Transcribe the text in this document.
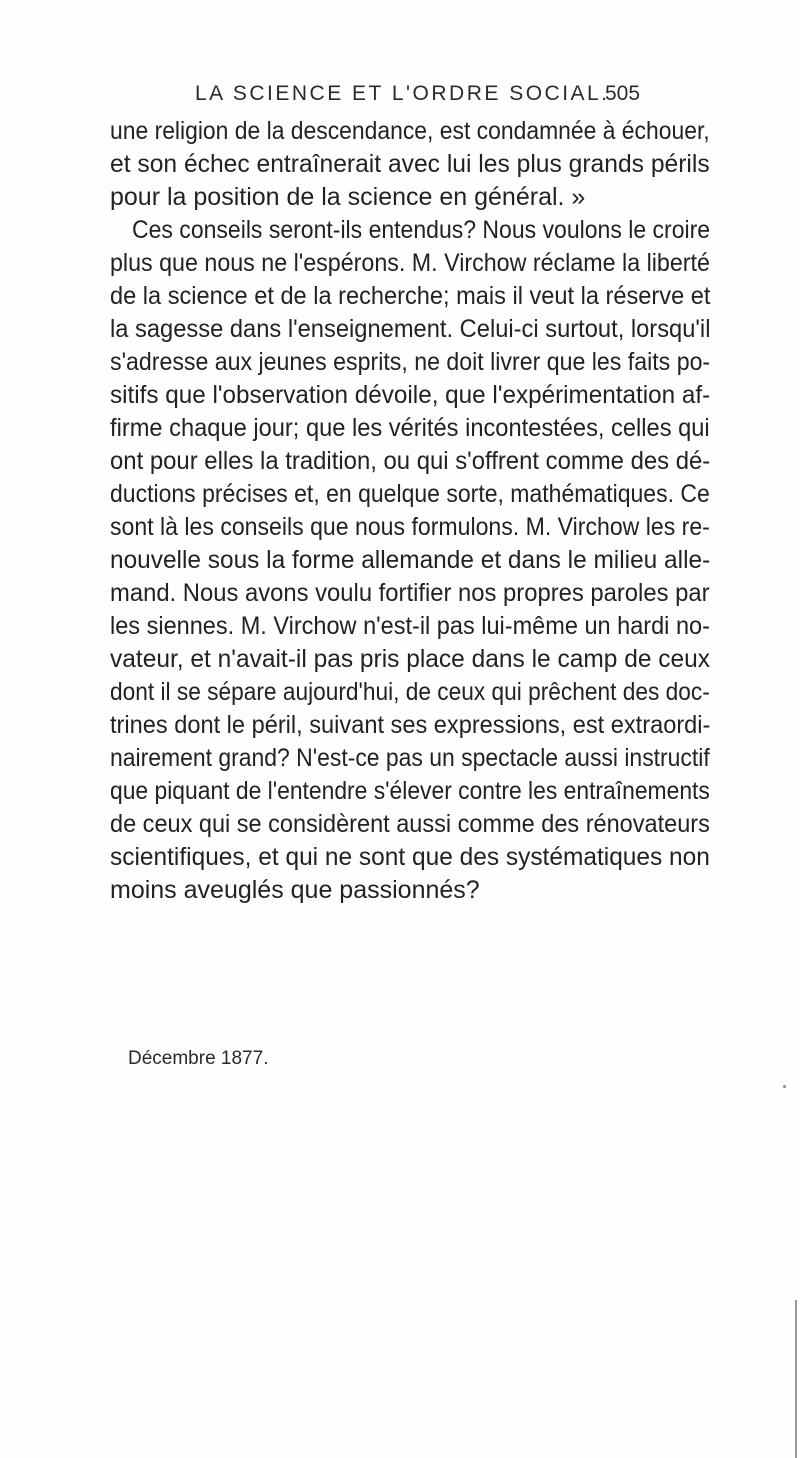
LA SCIENCE ET L'ORDRE SOCIAL.
505
une religion de la descendance, est condamnée à échouer,
et son échec entraînerait avec lui les plus grands périls
pour la position de la science en général. »
Ces conseils seront-ils entendus? Nous voulons le croire
plus que nous ne l'espérons. M. Virchow réclame la liberté
de la science et de la recherche; mais il veut la réserve et
la sagesse dans l'enseignement. Celui-ci surtout, lorsqu'il
s'adresse aux jeunes esprits, ne doit livrer que les faits po-
sitifs que l'observation dévoile, que l'expérimentation af-
firme chaque jour; que les vérités incontestées, celles qui
ont pour elles la tradition, ou qui s'offrent comme des dé-
ductions précises et, en quelque sorte, mathématiques. Ce
sont là les conseils que nous formulons. M. Virchow les re-
nouvelle sous la forme allemande et dans le milieu alle-
mand. Nous avons voulu fortifier nos propres paroles par
les siennes. M. Virchow n'est-il pas lui-même un hardi no-
vateur, et n'avait-il pas pris place dans le camp de ceux
dont il se sépare aujourd'hui, de ceux qui prêchent des doc-
trines dont le péril, suivant ses expressions, est extraordi-
nairement grand? N'est-ce pas un spectacle aussi instructif
que piquant de l'entendre s'élever contre les entraînements
de ceux qui se considèrent aussi comme des rénovateurs
scientifiques, et qui ne sont que des systématiques non
moins aveuglés que passionnés?
Décembre 1877.
